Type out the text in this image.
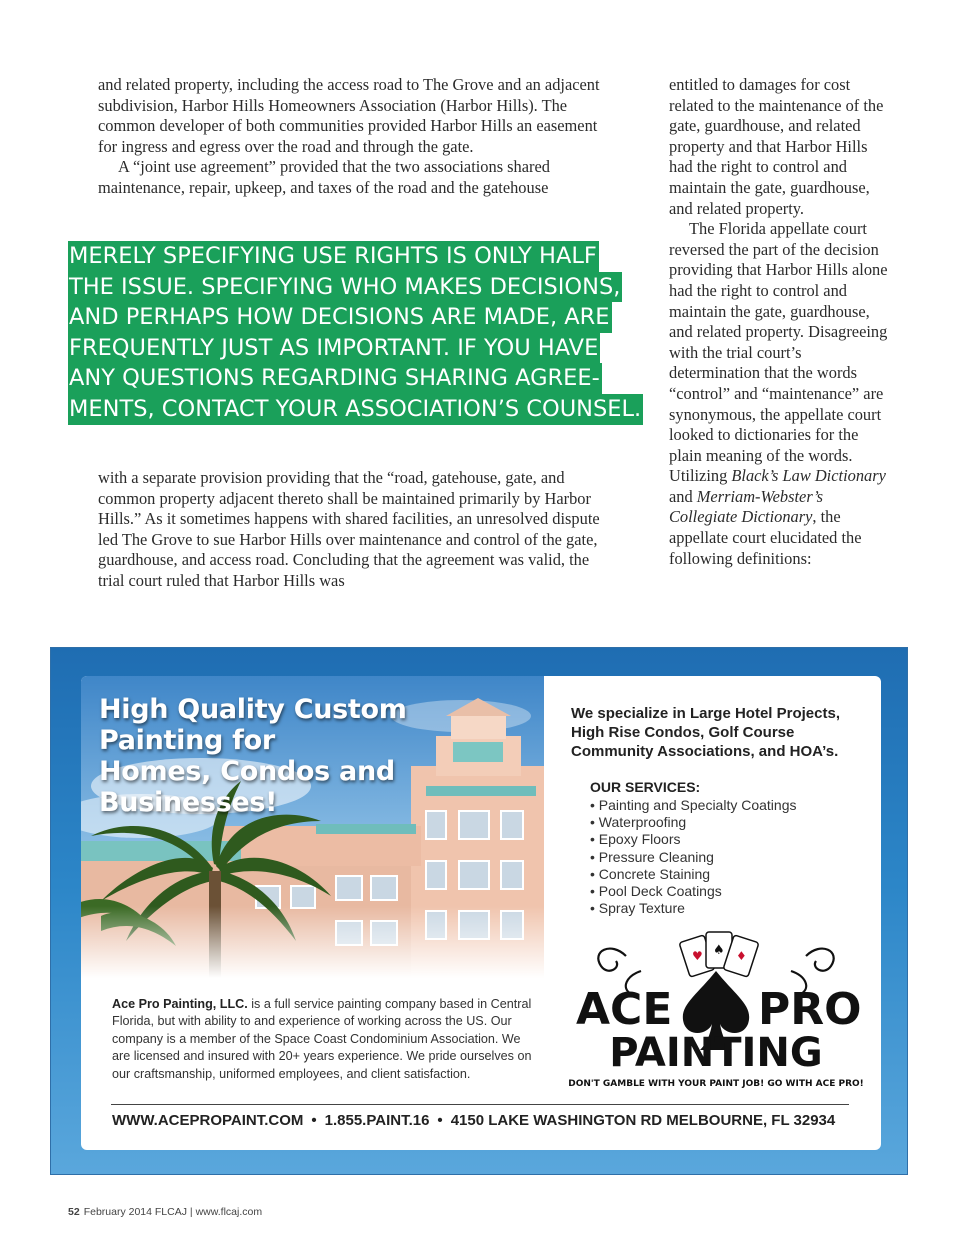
and related property, including the access road to The Grove and an adjacent subdivision, Harbor Hills Homeowners Association (Harbor Hills). The common developer of both communities provided Harbor Hills an easement for ingress and egress over the road and through the gate.

A “joint use agreement” provided that the two associations shared maintenance, repair, upkeep, and taxes of the road and the gatehouse

MERELY SPECIFYING USE RIGHTS IS ONLY HALF
THE ISSUE. SPECIFYING WHO MAKES DECISIONS,
AND PERHAPS HOW DECISIONS ARE MADE, ARE
FREQUENTLY JUST AS IMPORTANT. IF YOU HAVE
ANY QUESTIONS REGARDING SHARING AGREE-
MENTS, CONTACT YOUR ASSOCIATION’S COUNSEL.

with a separate provision providing that the “road, gatehouse, gate, and common property adjacent thereto shall be maintained primarily by Harbor Hills.” As it sometimes happens with shared facilities, an unresolved dispute led The Grove to sue Harbor Hills over maintenance and control of the gate, guardhouse, and access road. Concluding that the agreement was valid, the trial court ruled that Harbor Hills was

entitled to damages for cost related to the maintenance of the gate, guardhouse, and related property and that Harbor Hills had the right to control and maintain the gate, guardhouse, and related property.

The Florida appellate court reversed the part of the decision providing that Harbor Hills alone had the right to control and maintain the gate, guardhouse, and related property. Disagreeing with the trial court’s determination that the words “control” and “maintenance” are synonymous, the appellate court looked to dictionaries for the plain meaning of the words. Utilizing Black’s Law Dictionary and Merriam-Webster’s Collegiate Dictionary, the appellate court elucidated the following definitions:

High Quality Custom Painting for
Homes, Condos and Businesses!
Ace Pro Painting, LLC. is a full service painting company based in Central Florida, but with ability to and experience of working across the US. Our company is a member of the Space Coast Condominium Association. We are licensed and insured with 20+ years experience. We pride ourselves on our craftsmanship, uniformed employees, and client satisfaction.
We specialize in Large Hotel Projects, High Rise Condos, Golf Course Community Associations, and HOA’s.
OUR SERVICES:
• Painting and Specialty Coatings
• Waterproofing
• Epoxy Floors
• Pressure Cleaning
• Concrete Staining
• Pool Deck Coatings
• Spray Texture
♥ ♠ ♦
ACE PRO
PAINTING
DON'T GAMBLE WITH YOUR PAINT JOB! GO WITH ACE PRO!
WWW.ACEPROPAINT.COM • 1.855.PAINT.16 • 4150 LAKE WASHINGTON RD MELBOURNE, FL 32934
52 February 2014 FLCAJ | www.flcaj.com
